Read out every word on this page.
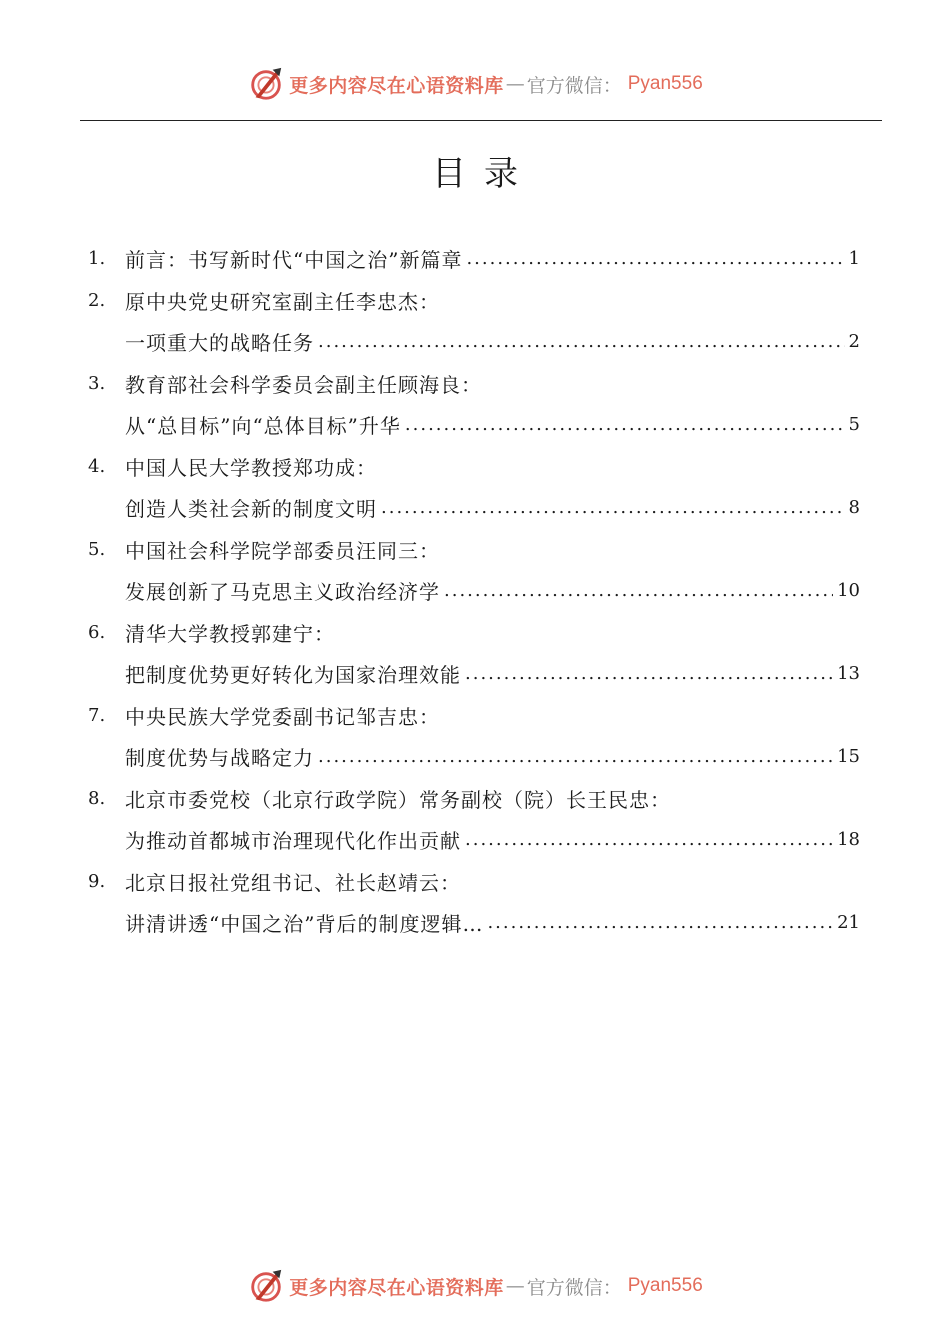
更多内容尽在心语资料库 — 官方微信： Pyan556
目录
1. 前言：书写新时代“中国之治”新篇章 .....	1
2. 原中央党史研究室副主任李忠杰：
一项重大的战略任务 .....	2
3. 教育部社会科学委员会副主任顾海良：
从“总目标”向“总体目标”升华 .....	5
4. 中国人民大学教授郑功成：
创造人类社会新的制度文明 .....	8
5. 中国社会科学院学部委员汪同三：
发展创新了马克思主义政治经济学 .....	10
6. 清华大学教授郭建宁：
把制度优势更好转化为国家治理效能 .....	13
7. 中央民族大学党委副书记邹吉忠：
制度优势与战略定力 .....	15
8. 北京市委党校（北京行政学院）常务副校（院）长王民忠：
为推动首都城市治理现代化作出贡献 .....	18
9. 北京日报社党组书记、社长赵靖云：
讲清讲透“中国之治”背后的制度逻辑… .....	21
更多内容尽在心语资料库 — 官方微信： Pyan556
